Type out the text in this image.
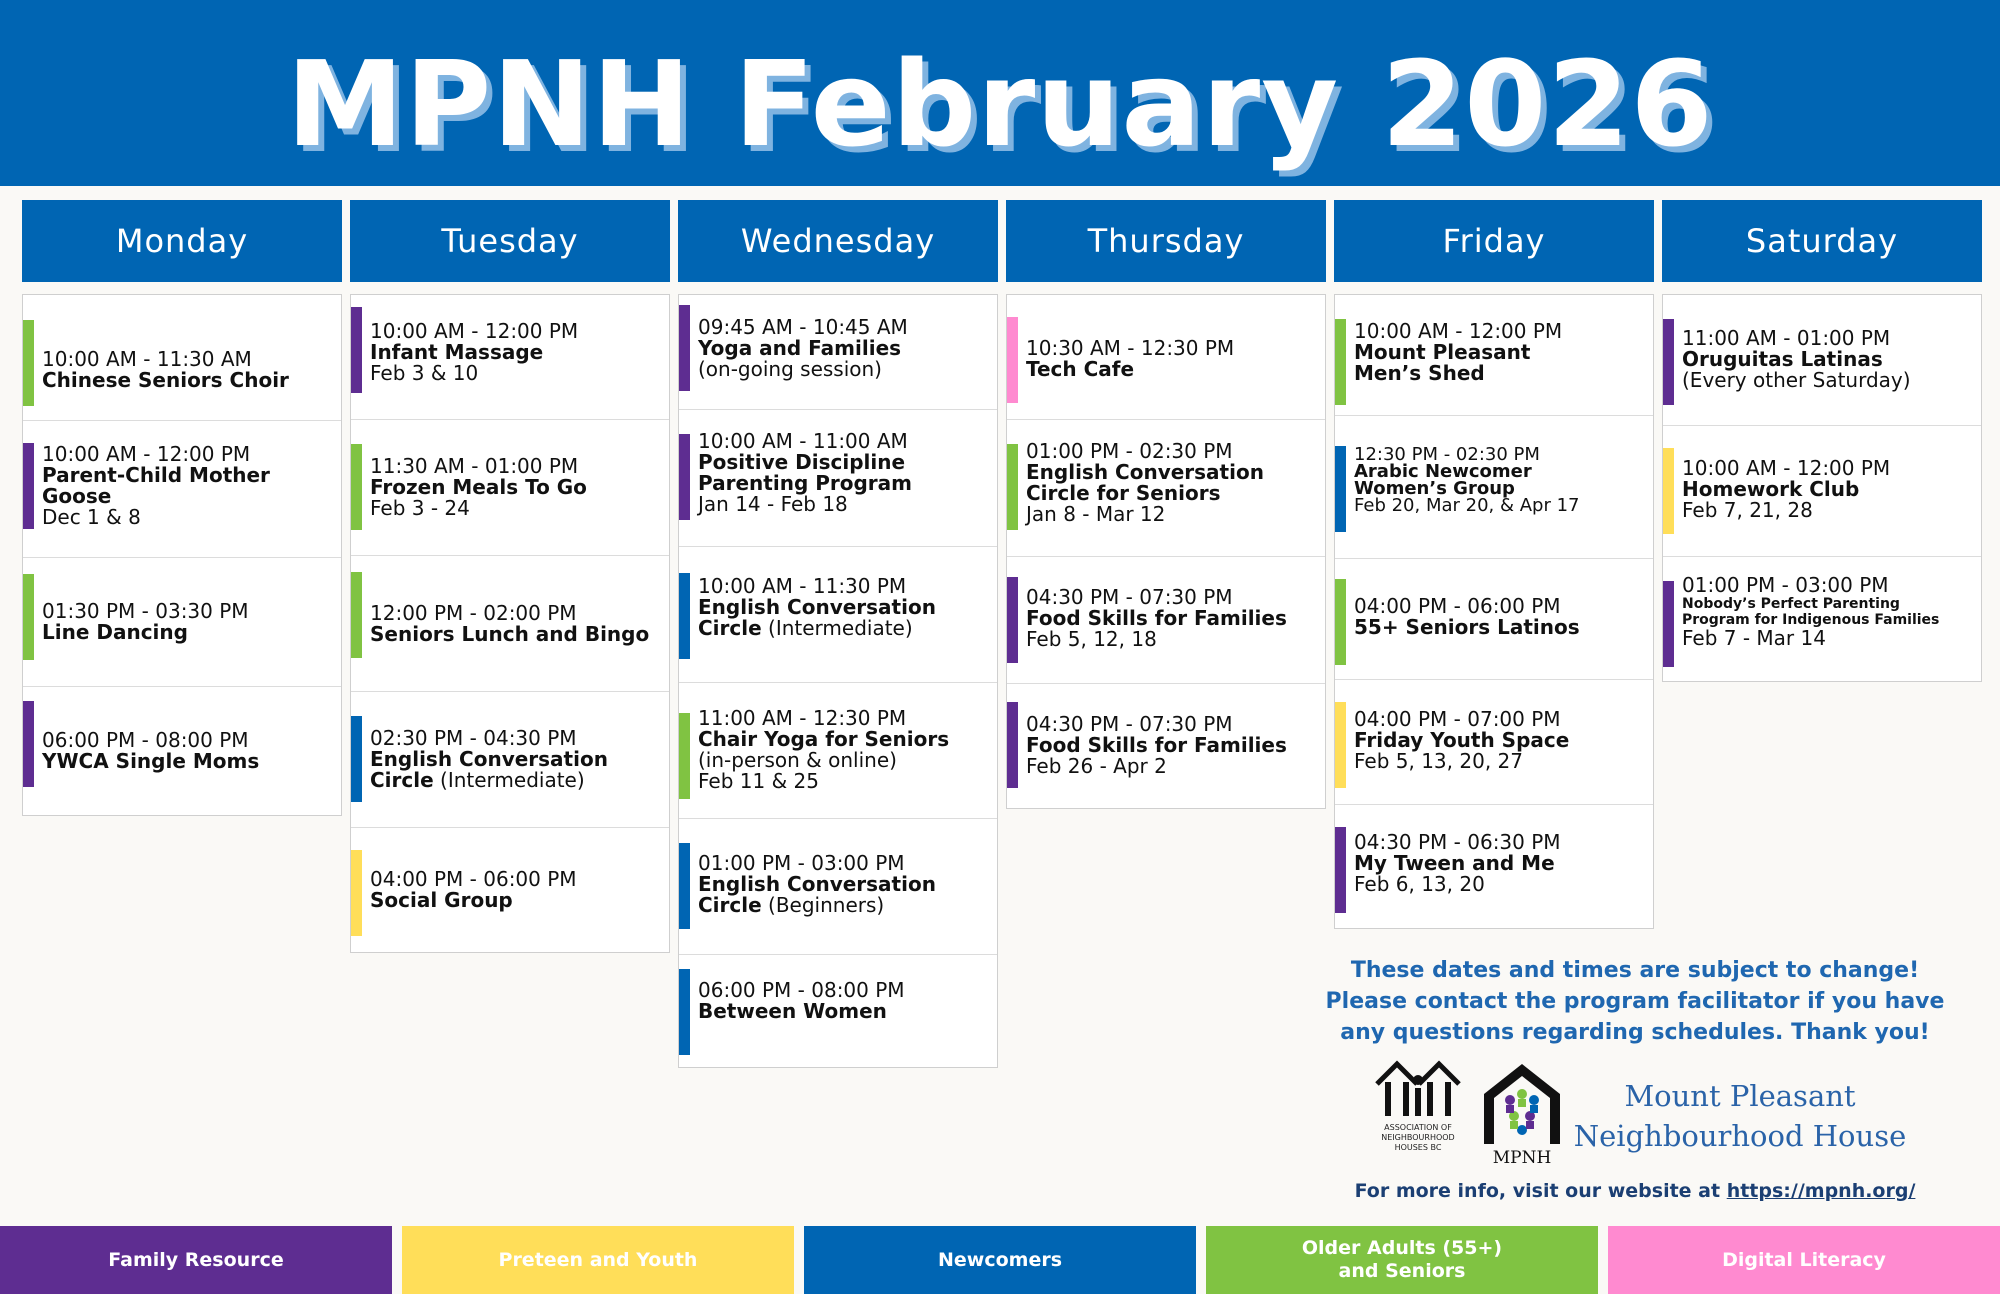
MPNH February 2026
Monday
10:00 AM - 11:30 AM
Chinese Seniors Choir
10:00 AM - 12:00 PM
Parent-Child Mother Goose
Dec 1 & 8
01:30 PM - 03:30 PM
Line Dancing
06:00 PM - 08:00 PM
YWCA Single Moms
Tuesday
10:00 AM - 12:00 PM
Infant Massage
Feb 3 & 10
11:30 AM - 01:00 PM
Frozen Meals To Go
Feb 3 - 24
12:00 PM - 02:00 PM
Seniors Lunch and Bingo
02:30 PM - 04:30 PM
English Conversation Circle (Intermediate)
04:00 PM - 06:00 PM
Social Group
Wednesday
09:45 AM - 10:45 AM
Yoga and Families
(on-going session)
10:00 AM - 11:00 AM
Positive Discipline Parenting Program
Jan 14 - Feb 18
10:00 AM - 11:30 PM
English Conversation Circle (Intermediate)
11:00 AM - 12:30 PM
Chair Yoga for Seniors
(in-person & online)
Feb 11 & 25
01:00 PM - 03:00 PM
English Conversation Circle (Beginners)
06:00 PM - 08:00 PM
Between Women
Thursday
10:30 AM - 12:30 PM
Tech Cafe
01:00 PM - 02:30 PM
English Conversation Circle for Seniors
Jan 8 - Mar 12
04:30 PM - 07:30 PM
Food Skills for Families
Feb 5, 12, 18
04:30 PM - 07:30 PM
Food Skills for Families
Feb 26 - Apr 2
Friday
10:00 AM - 12:00 PM
Mount Pleasant Men’s Shed
12:30 PM - 02:30 PM
Arabic Newcomer Women’s Group
Feb 20, Mar 20, & Apr 17
04:00 PM - 06:00 PM
55+ Seniors Latinos
04:00 PM - 07:00 PM
Friday Youth Space
Feb 5, 13, 20, 27
04:30 PM - 06:30 PM
My Tween and Me
Feb 6, 13, 20
Saturday
11:00 AM - 01:00 PM
Oruguitas Latinas
(Every other Saturday)
10:00 AM - 12:00 PM
Homework Club
Feb 7, 21, 28
01:00 PM - 03:00 PM
Nobody’s Perfect Parenting Program for Indigenous Families
Feb 7 - Mar 14
These dates and times are subject to change!
Please contact the program facilitator if you have
any questions regarding schedules. Thank you!
ASSOCIATION OF
NEIGHBOURHOOD
HOUSES BC
MPNH
Mount Pleasant
Neighbourhood House
For more info, visit our website at https://mpnh.org/
Family Resource	Preteen and Youth	Newcomers
Older Adults (55+)
and Seniors
Digital Literacy
